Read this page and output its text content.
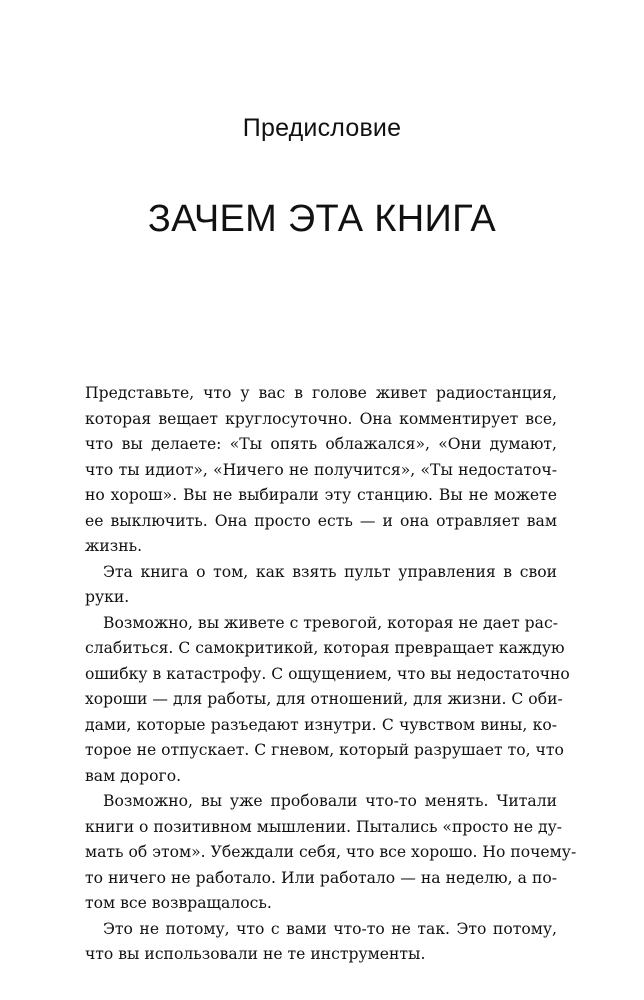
Предисловие
ЗАЧЕМ ЭТА КНИГА
Представьте, что у вас в голове живет радиостанция,
которая вещает круглосуточно. Она комментирует все,
что вы делаете: «Ты опять облажался», «Они думают,
что ты идиот», «Ничего не получится», «Ты недостаточ-
но хорош». Вы не выбирали эту станцию. Вы не можете
ее выключить. Она просто есть — и она отравляет вам
жизнь.
Эта книга о том, как взять пульт управления в свои
руки.
Возможно, вы живете с тревогой, которая не дает рас-
слабиться. С самокритикой, которая превращает каждую
ошибку в катастрофу. С ощущением, что вы недостаточно
хороши — для работы, для отношений, для жизни. С оби-
дами, которые разъедают изнутри. С чувством вины, ко-
торое не отпускает. С гневом, который разрушает то, что
вам дорого.
Возможно, вы уже пробовали что-то менять. Читали
книги о позитивном мышлении. Пытались «просто не ду-
мать об этом». Убеждали себя, что все хорошо. Но почему-
то ничего не работало. Или работало — на неделю, а по-
том все возвращалось.
Это не потому, что с вами что-то не так. Это потому,
что вы использовали не те инструменты.
